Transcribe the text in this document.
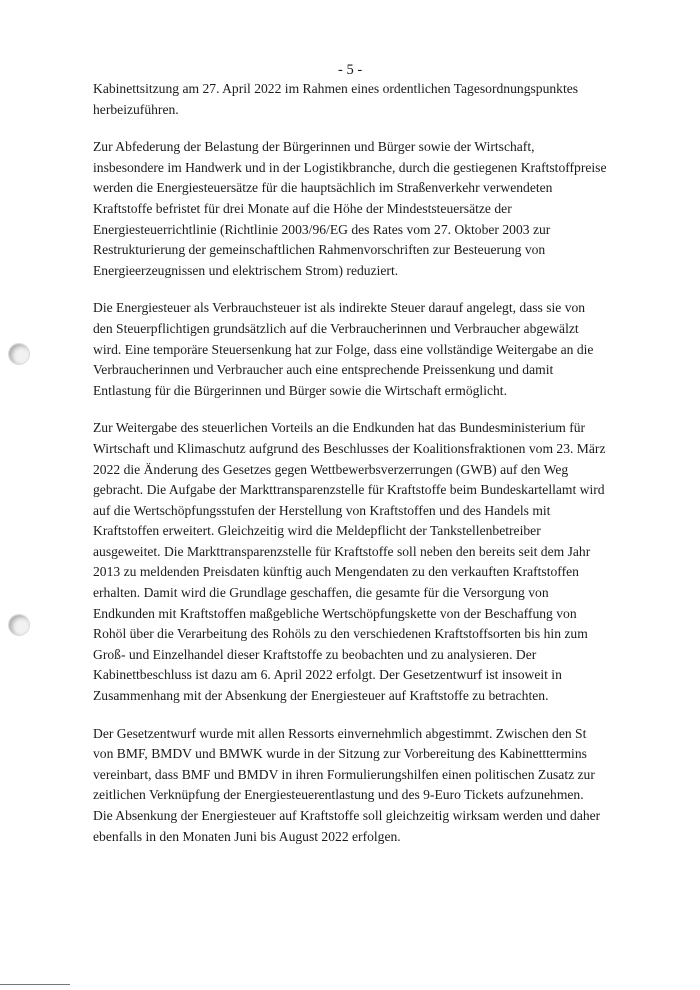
- 5 -

Kabinettsitzung am 27. April 2022 im Rahmen eines ordentlichen Tagesordnungspunktes
herbeizuführen.

Zur Abfederung der Belastung der Bürgerinnen und Bürger sowie der Wirtschaft,
insbesondere im Handwerk und in der Logistikbranche, durch die gestiegenen Kraftstoffpreise
werden die Energiesteuersätze für die hauptsächlich im Straßenverkehr verwendeten
Kraftstoffe befristet für drei Monate auf die Höhe der Mindeststeuersätze der
Energiesteuerrichtlinie (Richtlinie 2003/96/EG des Rates vom 27. Oktober 2003 zur
Restrukturierung der gemeinschaftlichen Rahmenvorschriften zur Besteuerung von
Energieerzeugnissen und elektrischem Strom) reduziert.

Die Energiesteuer als Verbrauchsteuer ist als indirekte Steuer darauf angelegt, dass sie von
den Steuerpflichtigen grundsätzlich auf die Verbraucherinnen und Verbraucher abgewälzt
wird. Eine temporäre Steuersenkung hat zur Folge, dass eine vollständige Weitergabe an die
Verbraucherinnen und Verbraucher auch eine entsprechende Preissenkung und damit
Entlastung für die Bürgerinnen und Bürger sowie die Wirtschaft ermöglicht.

Zur Weitergabe des steuerlichen Vorteils an die Endkunden hat das Bundesministerium für
Wirtschaft und Klimaschutz aufgrund des Beschlusses der Koalitionsfraktionen vom 23. März
2022 die Änderung des Gesetzes gegen Wettbewerbsverzerrungen (GWB) auf den Weg
gebracht. Die Aufgabe der Markttransparenzstelle für Kraftstoffe beim Bundeskartellamt wird
auf die Wertschöpfungsstufen der Herstellung von Kraftstoffen und des Handels mit
Kraftstoffen erweitert. Gleichzeitig wird die Meldepflicht der Tankstellenbetreiber
ausgeweitet. Die Markttransparenzstelle für Kraftstoffe soll neben den bereits seit dem Jahr
2013 zu meldenden Preisdaten künftig auch Mengendaten zu den verkauften Kraftstoffen
erhalten. Damit wird die Grundlage geschaffen, die gesamte für die Versorgung von
Endkunden mit Kraftstoffen maßgebliche Wertschöpfungskette von der Beschaffung von
Rohöl über die Verarbeitung des Rohöls zu den verschiedenen Kraftstoffsorten bis hin zum
Groß- und Einzelhandel dieser Kraftstoffe zu beobachten und zu analysieren. Der
Kabinettbeschluss ist dazu am 6. April 2022 erfolgt. Der Gesetzentwurf ist insoweit in
Zusammenhang mit der Absenkung der Energiesteuer auf Kraftstoffe zu betrachten.

Der Gesetzentwurf wurde mit allen Ressorts einvernehmlich abgestimmt. Zwischen den St
von BMF, BMDV und BMWK wurde in der Sitzung zur Vorbereitung des Kabinetttermins
vereinbart, dass BMF und BMDV in ihren Formulierungshilfen einen politischen Zusatz zur
zeitlichen Verknüpfung der Energiesteuerentlastung und des 9-Euro Tickets aufzunehmen.
Die Absenkung der Energiesteuer auf Kraftstoffe soll gleichzeitig wirksam werden und daher
ebenfalls in den Monaten Juni bis August 2022 erfolgen.
